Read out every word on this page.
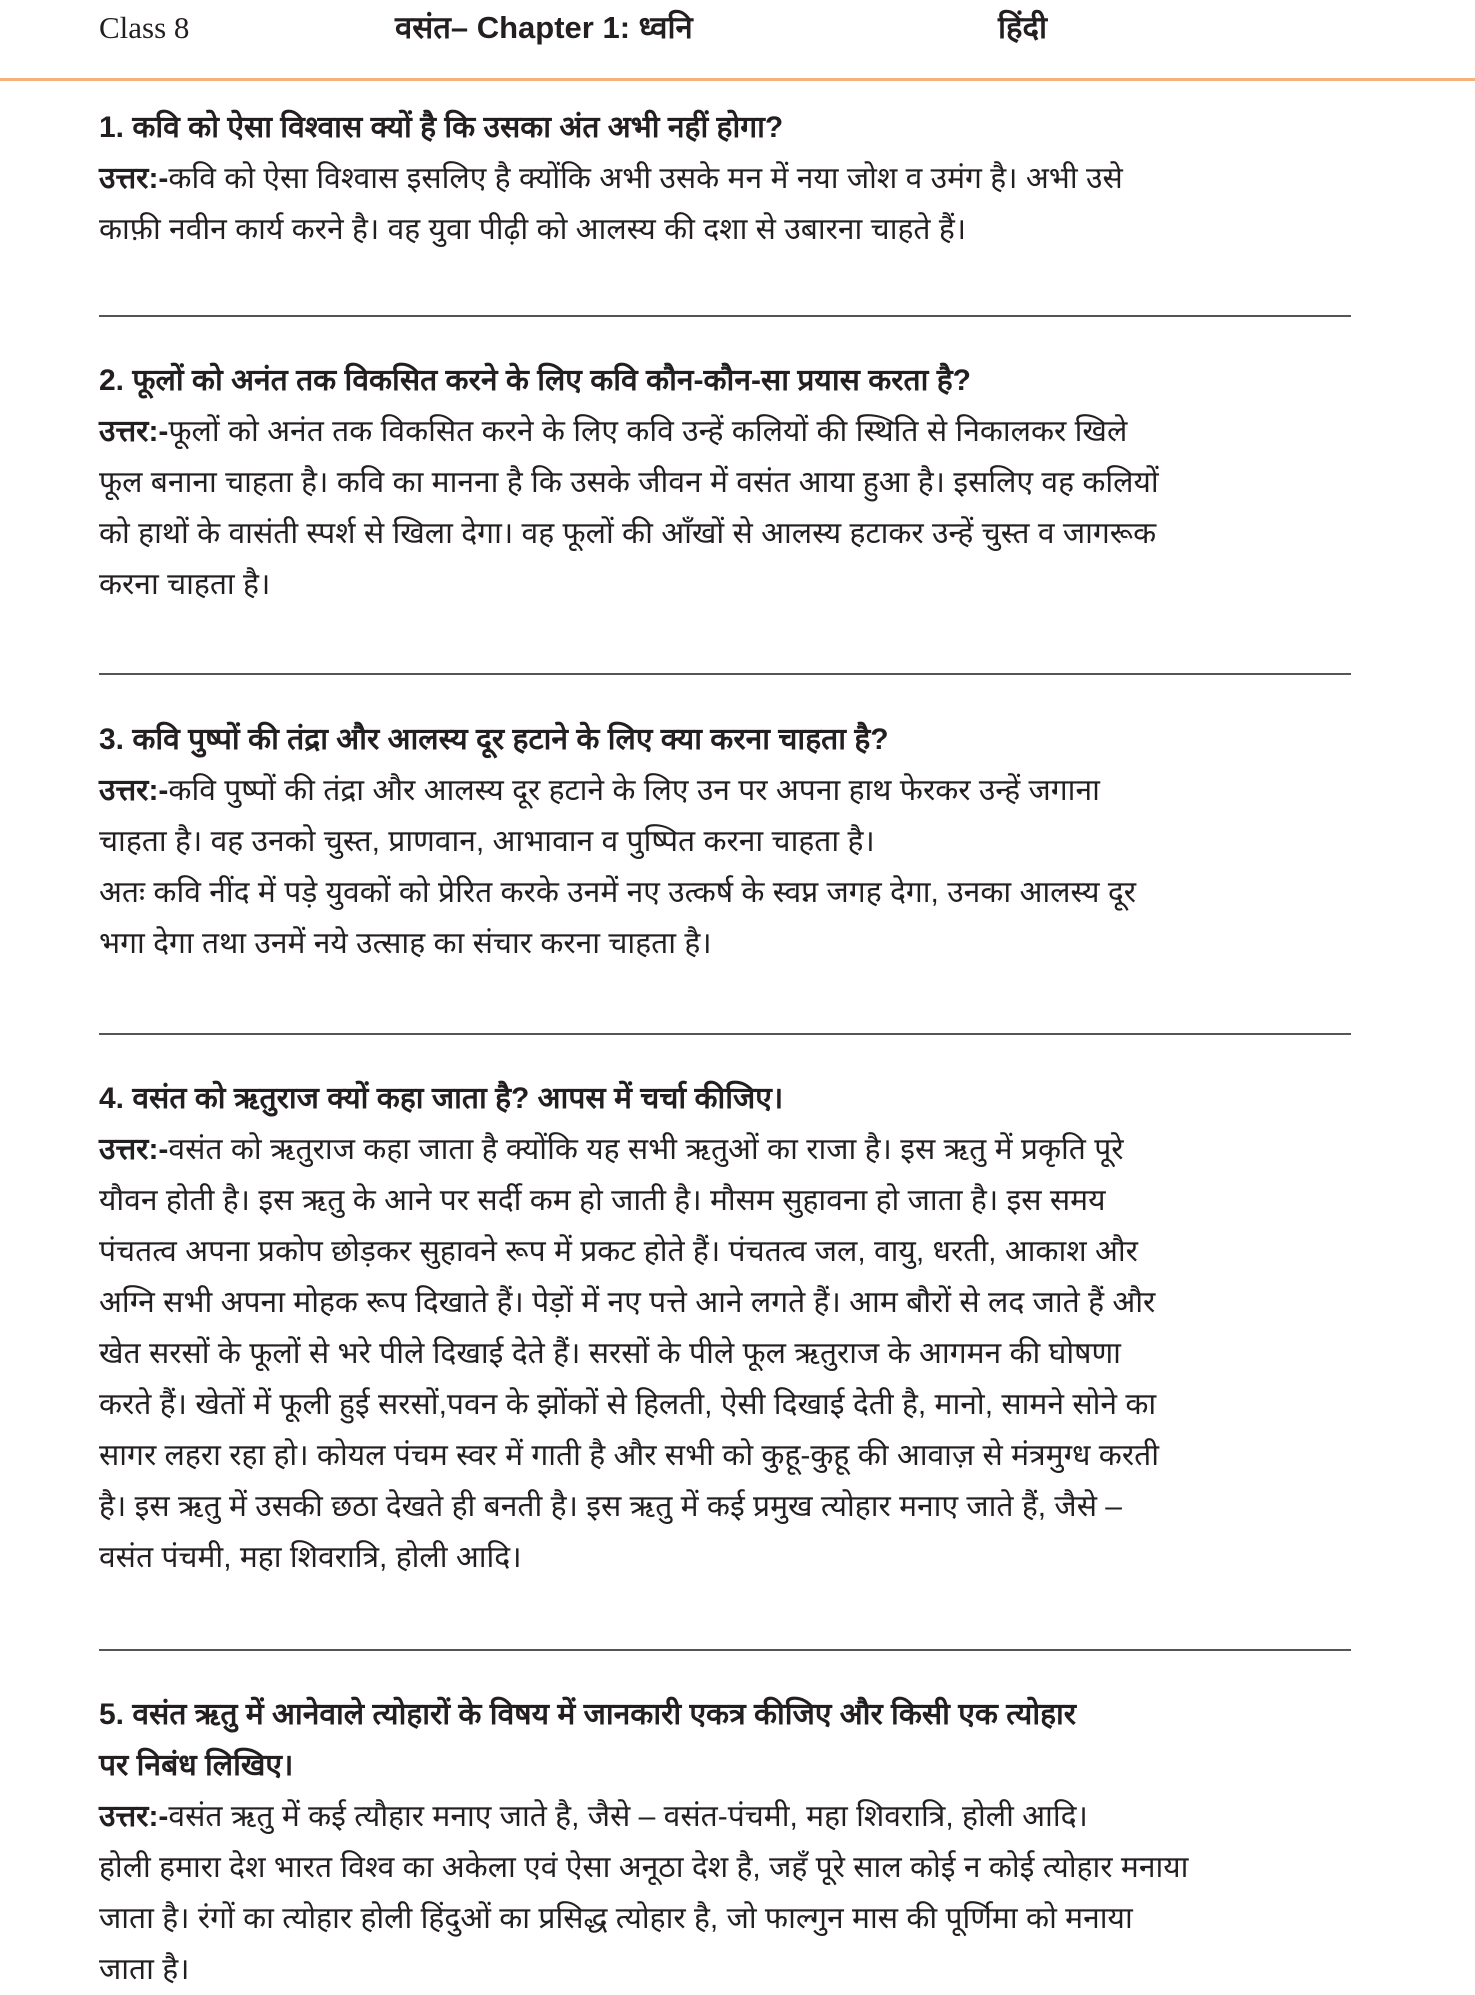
Class 8	वसंत– Chapter 1: ध्वनि	हिंदी
1. कवि को ऐसा विश्वास क्यों है कि उसका अंत अभी नहीं होगा?
उत्तर:-कवि को ऐसा विश्वास इसलिए है क्योंकि अभी उसके मन में नया जोश व उमंग है। अभी उसे
काफ़ी नवीन कार्य करने है। वह युवा पीढ़ी को आलस्य की दशा से उबारना चाहते हैं।
2. फूलों को अनंत तक विकसित करने के लिए कवि कौन-कौन-सा प्रयास करता है?
उत्तर:-फूलों को अनंत तक विकसित करने के लिए कवि उन्हें कलियों की स्थिति से निकालकर खिले
फूल बनाना चाहता है। कवि का मानना है कि उसके जीवन में वसंत आया हुआ है। इसलिए वह कलियों
को हाथों के वासंती स्पर्श से खिला देगा। वह फूलों की आँखों से आलस्य हटाकर उन्हें चुस्त व जागरूक
करना चाहता है।
3. कवि पुष्पों की तंद्रा और आलस्य दूर हटाने के लिए क्या करना चाहता है?
उत्तर:-कवि पुष्पों की तंद्रा और आलस्य दूर हटाने के लिए उन पर अपना हाथ फेरकर उन्हें जगाना
चाहता है। वह उनको चुस्त, प्राणवान, आभावान व पुष्पित करना चाहता है।
अतः कवि नींद में पड़े युवकों को प्रेरित करके उनमें नए उत्कर्ष के स्वप्न जगह देगा, उनका आलस्य दूर
भगा देगा तथा उनमें नये उत्साह का संचार करना चाहता है।
4. वसंत को ऋतुराज क्यों कहा जाता है? आपस में चर्चा कीजिए।
उत्तर:-वसंत को ऋतुराज कहा जाता है क्योंकि यह सभी ऋतुओं का राजा है। इस ऋतु में प्रकृति पूरे
यौवन होती है। इस ऋतु के आने पर सर्दी कम हो जाती है। मौसम सुहावना हो जाता है। इस समय
पंचतत्व अपना प्रकोप छोड़कर सुहावने रूप में प्रकट होते हैं। पंचतत्व जल, वायु, धरती, आकाश और
अग्नि सभी अपना मोहक रूप दिखाते हैं। पेड़ों में नए पत्ते आने लगते हैं। आम बौरों से लद जाते हैं और
खेत सरसों के फूलों से भरे पीले दिखाई देते हैं। सरसों के पीले फूल ऋतुराज के आगमन की घोषणा
करते हैं। खेतों में फूली हुई सरसों,पवन के झोंकों से हिलती, ऐसी दिखाई देती है, मानो, सामने सोने का
सागर लहरा रहा हो। कोयल पंचम स्वर में गाती है और सभी को कुहू-कुहू की आवाज़ से मंत्रमुग्ध करती
है। इस ऋतु में उसकी छठा देखते ही बनती है। इस ऋतु में कई प्रमुख त्योहार मनाए जाते हैं, जैसे –
वसंत पंचमी, महा शिवरात्रि, होली आदि।
5. वसंत ऋतु में आनेवाले त्योहारों के विषय में जानकारी एकत्र कीजिए और किसी एक त्योहार
पर निबंध लिखिए।
उत्तर:-वसंत ऋतु में कई त्यौहार मनाए जाते है, जैसे – वसंत-पंचमी, महा शिवरात्रि, होली आदि।
होली हमारा देश भारत विश्व का अकेला एवं ऐसा अनूठा देश है, जहँ पूरे साल कोई न कोई त्योहार मनाया
जाता है। रंगों का त्योहार होली हिंदुओं का प्रसिद्ध त्योहार है, जो फाल्गुन मास की पूर्णिमा को मनाया
जाता है।
